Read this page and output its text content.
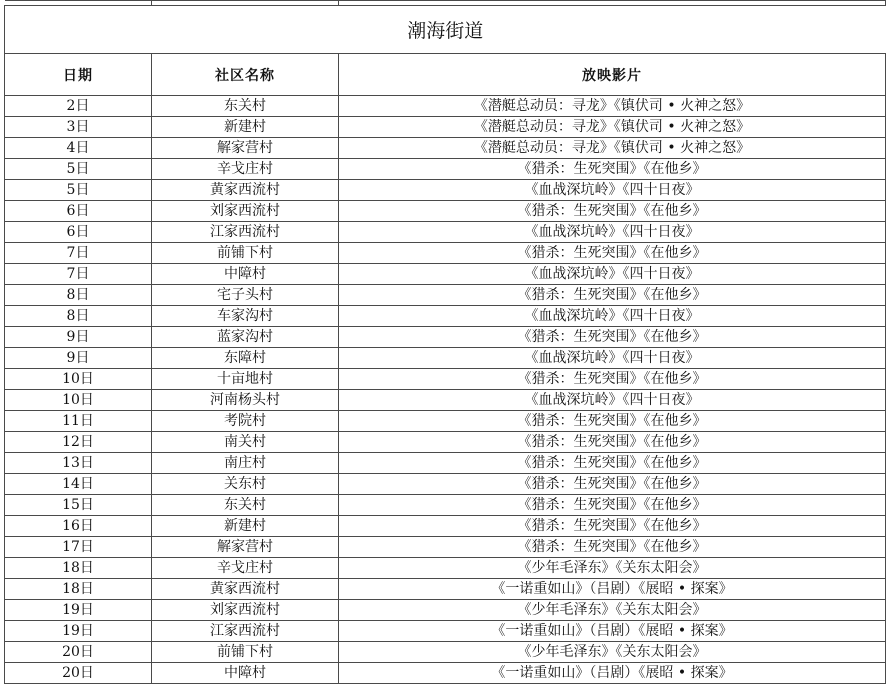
潮海街道		
日期	社区名称	放映影片
2日	东关村	《潜艇总动员：寻龙》《镇伏司 • 火神之怒》
3日	新建村	《潜艇总动员：寻龙》《镇伏司 • 火神之怒》
4日	解家营村	《潜艇总动员：寻龙》《镇伏司 • 火神之怒》
5日	辛戈庄村	《猎杀：生死突围》《在他乡》
5日	黄家西流村	《血战深坑岭》《四十日夜》
6日	刘家西流村	《猎杀：生死突围》《在他乡》
6日	江家西流村	《血战深坑岭》《四十日夜》
7日	前铺下村	《猎杀：生死突围》《在他乡》
7日	中障村	《血战深坑岭》《四十日夜》
8日	宅子头村	《猎杀：生死突围》《在他乡》
8日	车家沟村	《血战深坑岭》《四十日夜》
9日	蓝家沟村	《猎杀：生死突围》《在他乡》
9日	东障村	《血战深坑岭》《四十日夜》
10日	十亩地村	《猎杀：生死突围》《在他乡》
10日	河南杨头村	《血战深坑岭》《四十日夜》
11日	考院村	《猎杀：生死突围》《在他乡》
12日	南关村	《猎杀：生死突围》《在他乡》
13日	南庄村	《猎杀：生死突围》《在他乡》
14日	关东村	《猎杀：生死突围》《在他乡》
15日	东关村	《猎杀：生死突围》《在他乡》
16日	新建村	《猎杀：生死突围》《在他乡》
17日	解家营村	《猎杀：生死突围》《在他乡》
18日	辛戈庄村	《少年毛泽东》《关东太阳会》
18日	黄家西流村	《一诺重如山》（吕剧）《展昭 • 探案》
19日	刘家西流村	《少年毛泽东》《关东太阳会》
19日	江家西流村	《一诺重如山》（吕剧）《展昭 • 探案》
20日	前铺下村	《少年毛泽东》《关东太阳会》
20日	中障村	《一诺重如山》（吕剧）《展昭 • 探案》
